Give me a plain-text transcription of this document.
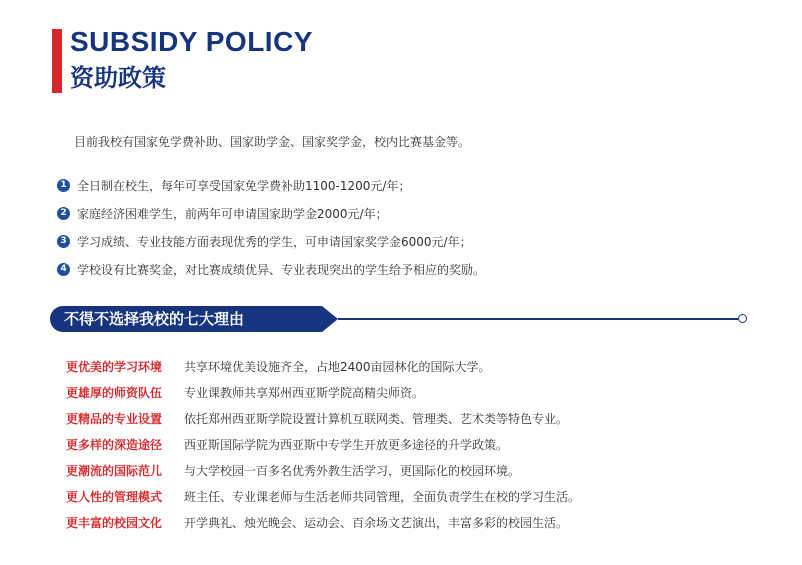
SUBSIDY POLICY
资助政策
目前我校有国家免学费补助、国家助学金、国家奖学金，校内比赛基金等。
1 全日制在校生，每年可享受国家免学费补助1100-1200元/年；
2 家庭经济困难学生，前两年可申请国家助学金2000元/年；
3 学习成绩、专业技能方面表现优秀的学生，可申请国家奖学金6000元/年；
4 学校设有比赛奖金，对比赛成绩优异、专业表现突出的学生给予相应的奖励。
不得不选择我校的七大理由
更优美的学习环境	共享环境优美设施齐全，占地2400亩园林化的国际大学。
更雄厚的师资队伍	专业课教师共享郑州西亚斯学院高精尖师资。
更精品的专业设置	依托郑州西亚斯学院设置计算机互联网类、管理类、艺术类等特色专业。
更多样的深造途径	西亚斯国际学院为西亚斯中专学生开放更多途径的升学政策。
更潮流的国际范儿	与大学校园一百多名优秀外教生活学习，更国际化的校园环境。
更人性的管理模式	班主任、专业课老师与生活老师共同管理，全面负责学生在校的学习生活。
更丰富的校园文化	开学典礼、烛光晚会、运动会、百余场文艺演出，丰富多彩的校园生活。
